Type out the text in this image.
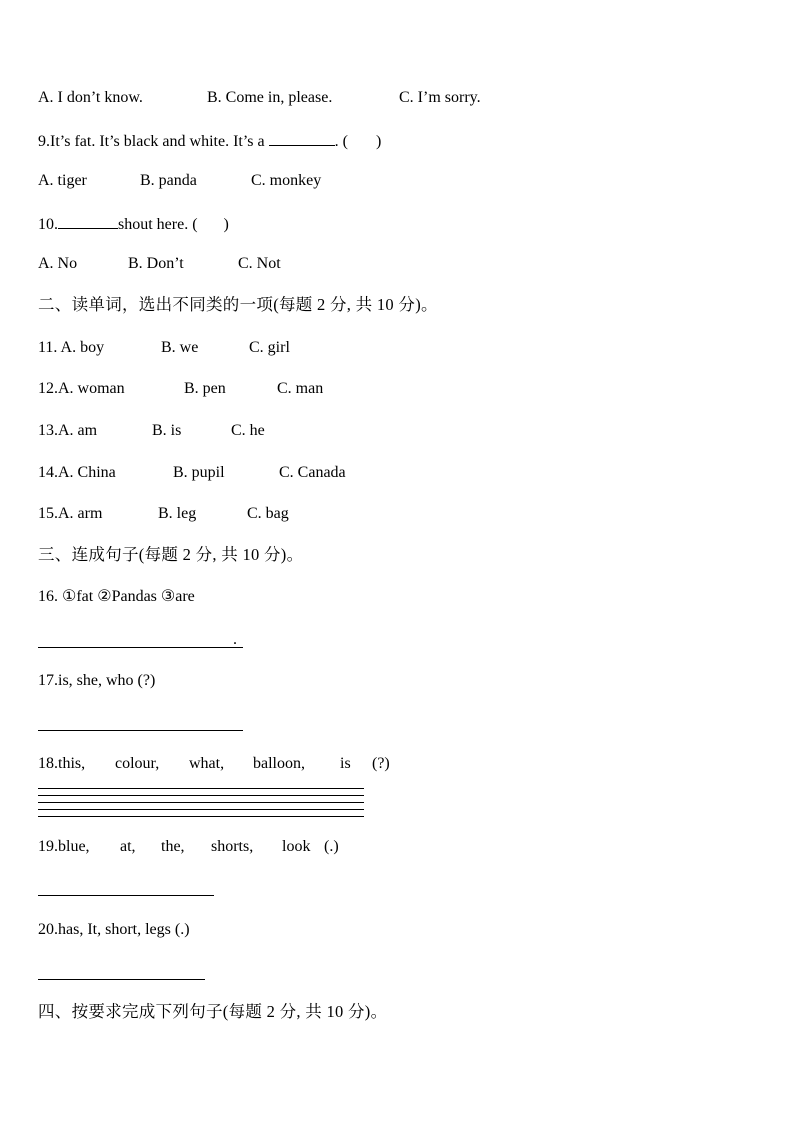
A. I don’t know.	B. Come in, please.	C. I’m sorry.
9.It’s fat. It’s black and white. It’s a	. ( )
A. tiger	B. panda	C. monkey
10.	shout here. ( )
A. No	B. Don’t	C. Not
二、读单词，选出不同类的一项(每题 2 分, 共 10 分)。
11. A. boy	B. we	C. girl
12.A. woman	B. pen	C. man
13.A. am	B. is	C. he
14.A. China	B. pupil	C. Canada
15.A. arm	B. leg	C. bag
三、连成句子(每题 2 分, 共 10 分)。
16. ①fat ②Pandas ③are
.
17.is, she, who (?)
18.this, colour, what, balloon, is (?)
19.blue, at, the, shorts, look (.)
20.has, It, short, legs (.)
四、按要求完成下列句子(每题 2 分, 共 10 分)。
